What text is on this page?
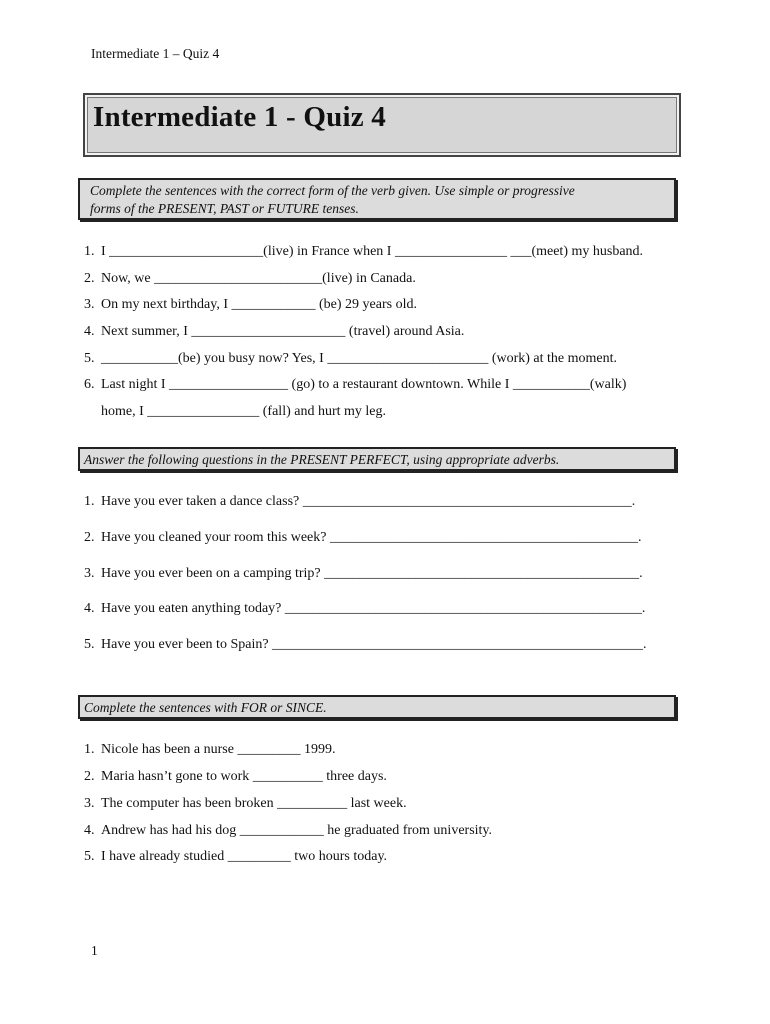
Intermediate 1 – Quiz 4
Intermediate 1 - Quiz 4
Complete the sentences with the correct form of the verb given. Use simple or progressive
forms of the PRESENT, PAST or FUTURE tenses.
1. I ______________________(live) in France when I ________________ ___(meet) my husband.
2. Now, we ________________________(live) in Canada.
3. On my next birthday, I ____________ (be) 29 years old.
4. Next summer, I ______________________ (travel) around Asia.
5. ___________(be) you busy now? Yes, I _______________________ (work) at the moment.
6. Last night I _________________ (go) to a restaurant downtown. While I ___________(walk)
home, I ________________ (fall) and hurt my leg.
Answer the following questions in the PRESENT PERFECT, using appropriate adverbs.
1. Have you ever taken a dance class? _______________________________________________.
2. Have you cleaned your room this week? ____________________________________________.
3. Have you ever been on a camping trip? _____________________________________________.
4. Have you eaten anything today? ___________________________________________________.
5. Have you ever been to Spain? _____________________________________________________.
Complete the sentences with FOR or SINCE.
1. Nicole has been a nurse _________ 1999.
2. Maria hasn’t gone to work __________ three days.
3. The computer has been broken __________ last week.
4. Andrew has had his dog ____________ he graduated from university.
5. I have already studied _________ two hours today.
1
